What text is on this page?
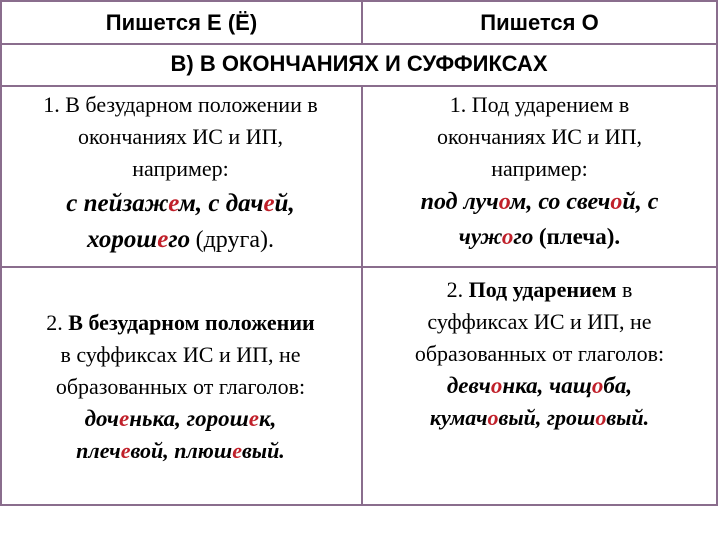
Пишется Е (Ё)	Пишется О
В) В ОКОНЧАНИЯХ И СУФФИКСАХ
1. В безударном положении в
окончаниях ИС и ИП,
например:
с пейзажем, с дачей,
хорошего (друга).
1. Под ударением в
окончаниях ИС и ИП,
например:
под лучом, со свечой, с
чужого (плеча).
2. В безударном положении
в суффиксах ИС и ИП, не
образованных от глаголов:
доченька, горошек,
плечевой, плюшевый.
2. Под ударением в
суффиксах ИС и ИП, не
образованных от глаголов:
девчонка, чащоба,
кумачовый, грошовый.
